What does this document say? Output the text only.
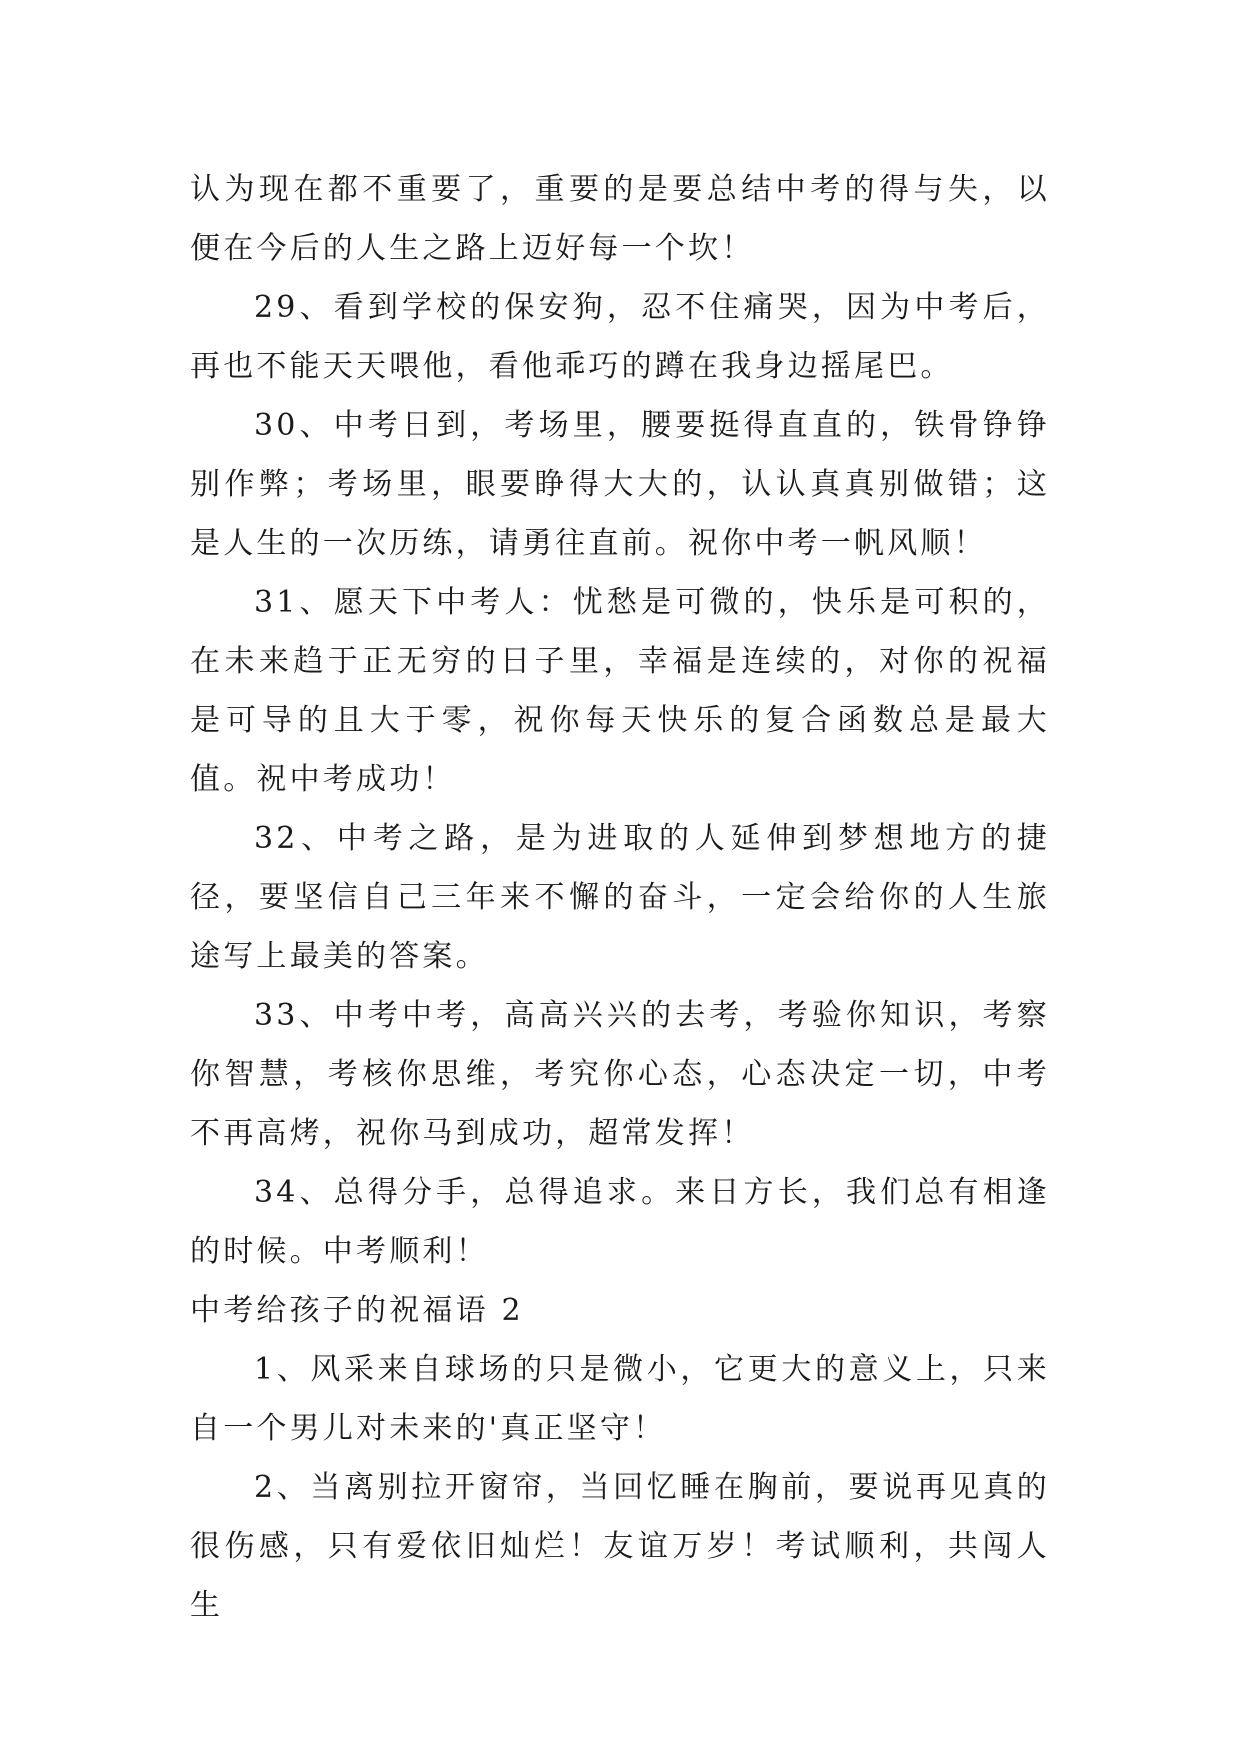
认为现在都不重要了，重要的是要总结中考的得与失，以便在今后的人生之路上迈好每一个坎！

29、看到学校的保安狗，忍不住痛哭，因为中考后，再也不能天天喂他，看他乖巧的蹲在我身边摇尾巴。

30、中考日到，考场里，腰要挺得直直的，铁骨铮铮别作弊；考场里，眼要睁得大大的，认认真真别做错；这是人生的一次历练，请勇往直前。祝你中考一帆风顺！

31、愿天下中考人：忧愁是可微的，快乐是可积的，在未来趋于正无穷的日子里，幸福是连续的，对你的祝福是可导的且大于零，祝你每天快乐的复合函数总是最大值。祝中考成功！

32、中考之路，是为进取的人延伸到梦想地方的捷径，要坚信自己三年来不懈的奋斗，一定会给你的人生旅途写上最美的答案。

33、中考中考，高高兴兴的去考，考验你知识，考察你智慧，考核你思维，考究你心态，心态决定一切，中考不再高烤，祝你马到成功，超常发挥！

34、总得分手，总得追求。来日方长，我们总有相逢的时候。中考顺利！

中考给孩子的祝福语 2

1、风采来自球场的只是微小，它更大的意义上，只来自一个男儿对未来的'真正坚守！

2、当离别拉开窗帘，当回忆睡在胸前，要说再见真的很伤感，只有爱依旧灿烂！友谊万岁！考试顺利，共闯人生
